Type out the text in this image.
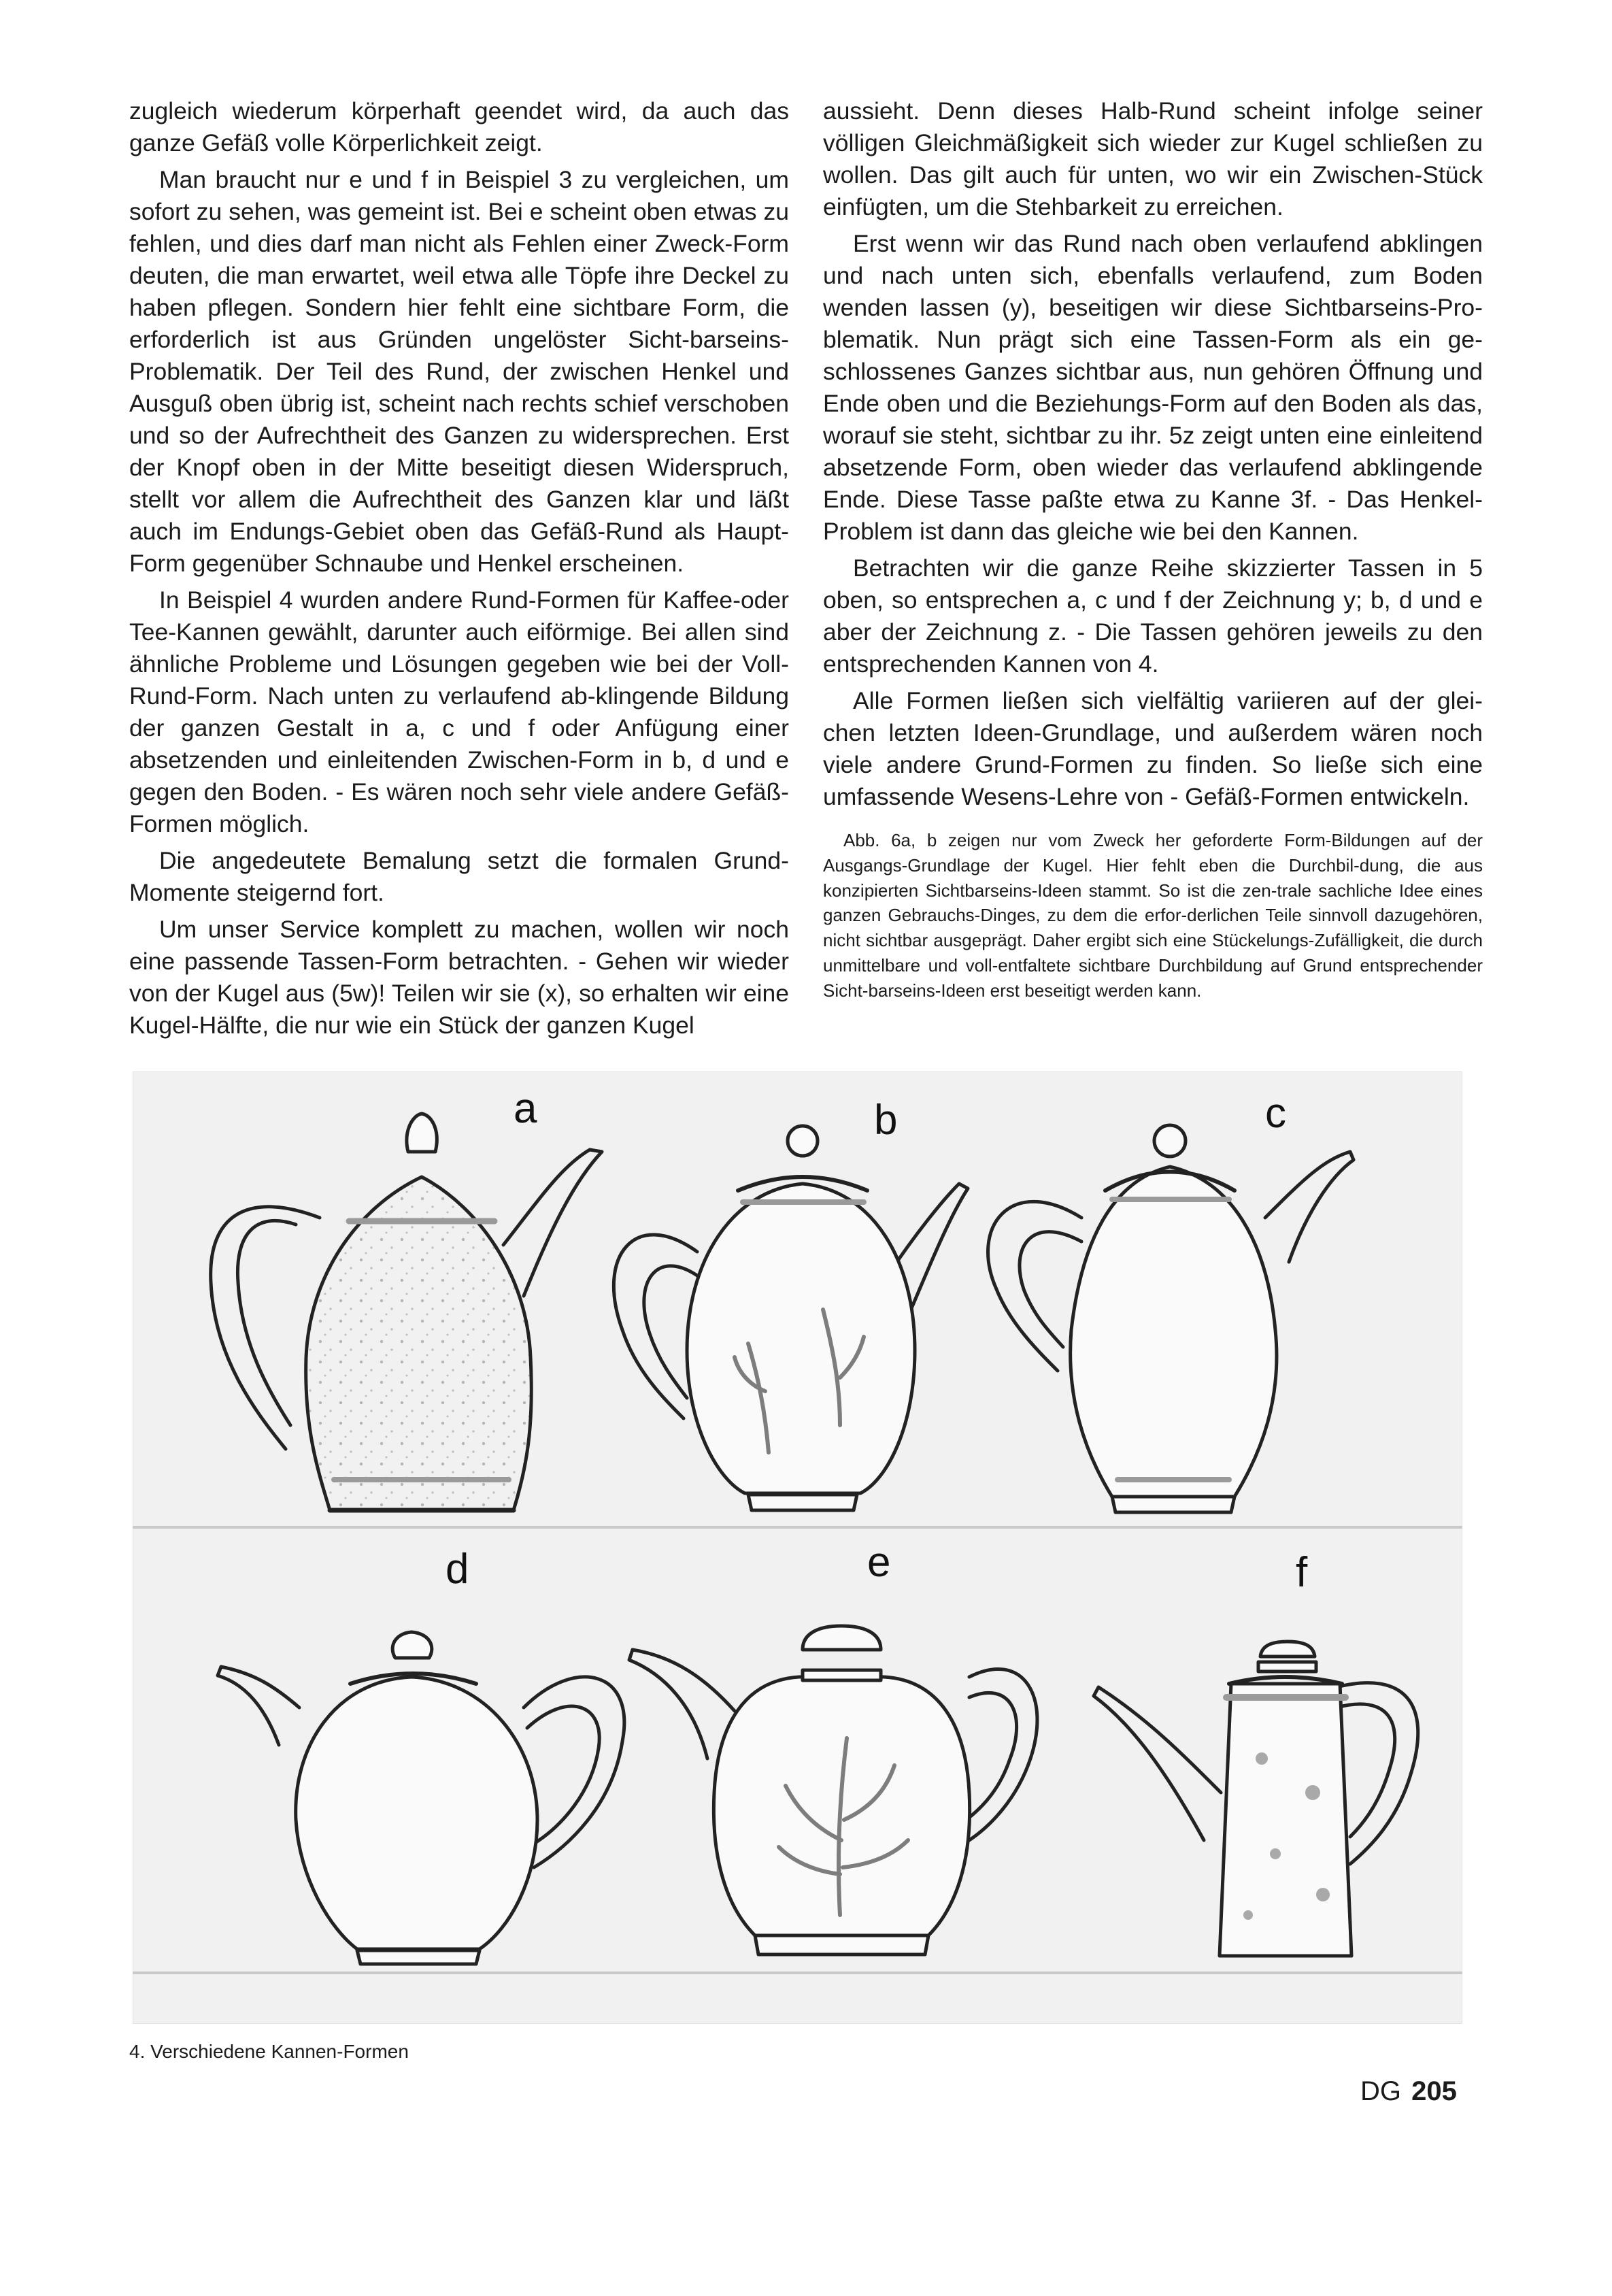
zugleich wiederum körperhaft geendet wird, da auch das ganze Gefäß volle Körperlichkeit zeigt.

Man braucht nur e und f in Beispiel 3 zu vergleichen, um sofort zu sehen, was gemeint ist. Bei e scheint oben etwas zu fehlen, und dies darf man nicht als Fehlen einer Zweck-Form deuten, die man erwartet, weil etwa alle Töpfe ihre Deckel zu haben pflegen. Sondern hier fehlt eine sichtbare Form, die erforderlich ist aus Gründen ungelöster Sicht-barseins-Problematik. Der Teil des Rund, der zwischen Henkel und Ausguß oben übrig ist, scheint nach rechts schief verschoben und so der Aufrechtheit des Ganzen zu widersprechen. Erst der Knopf oben in der Mitte beseitigt diesen Widerspruch, stellt vor allem die Aufrechtheit des Ganzen klar und läßt auch im Endungs-Gebiet oben das Gefäß-Rund als Haupt-Form gegenüber Schnaube und Henkel erscheinen.

In Beispiel 4 wurden andere Rund-Formen für Kaffee-oder Tee-Kannen gewählt, darunter auch eiförmige. Bei allen sind ähnliche Probleme und Lösungen gegeben wie bei der Voll-Rund-Form. Nach unten zu verlaufend ab-klingende Bildung der ganzen Gestalt in a, c und f oder Anfügung einer absetzenden und einleitenden Zwischen-Form in b, d und e gegen den Boden. - Es wären noch sehr viele andere Gefäß-Formen möglich.

Die angedeutete Bemalung setzt die formalen Grund-Momente steigernd fort.

Um unser Service komplett zu machen, wollen wir noch eine passende Tassen-Form betrachten. - Gehen wir wieder von der Kugel aus (5w)! Teilen wir sie (x), so erhalten wir eine Kugel-Hälfte, die nur wie ein Stück der ganzen Kugel

aussieht. Denn dieses Halb-Rund scheint infolge seiner völligen Gleichmäßigkeit sich wieder zur Kugel schließen zu wollen. Das gilt auch für unten, wo wir ein Zwischen-Stück einfügten, um die Stehbarkeit zu erreichen.

Erst wenn wir das Rund nach oben verlaufend abklingen und nach unten sich, ebenfalls verlaufend, zum Boden wenden lassen (y), beseitigen wir diese Sichtbarseins-Pro-blematik. Nun prägt sich eine Tassen-Form als ein ge-schlossenes Ganzes sichtbar aus, nun gehören Öffnung und Ende oben und die Beziehungs-Form auf den Boden als das, worauf sie steht, sichtbar zu ihr. 5z zeigt unten eine einleitend absetzende Form, oben wieder das verlaufend abklingende Ende. Diese Tasse paßte etwa zu Kanne 3f. - Das Henkel-Problem ist dann das gleiche wie bei den Kannen.

Betrachten wir die ganze Reihe skizzierter Tassen in 5 oben, so entsprechen a, c und f der Zeichnung y; b, d und e aber der Zeichnung z. - Die Tassen gehören jeweils zu den entsprechenden Kannen von 4.

Alle Formen ließen sich vielfältig variieren auf der glei-chen letzten Ideen-Grundlage, und außerdem wären noch viele andere Grund-Formen zu finden. So ließe sich eine umfassende Wesens-Lehre von - Gefäß-Formen entwickeln.

Abb. 6a, b zeigen nur vom Zweck her geforderte Form-Bildungen auf der Ausgangs-Grundlage der Kugel. Hier fehlt eben die Durchbil-dung, die aus konzipierten Sichtbarseins-Ideen stammt. So ist die zen-trale sachliche Idee eines ganzen Gebrauchs-Dinges, zu dem die erfor-derlichen Teile sinnvoll dazugehören, nicht sichtbar ausgeprägt. Daher ergibt sich eine Stückelungs-Zufälligkeit, die durch unmittelbare und voll-entfaltete sichtbare Durchbildung auf Grund entsprechender Sicht-barseins-Ideen erst beseitigt werden kann.

a	b	c
d	e	f

4. Verschiedene Kannen-Formen

DG 205
